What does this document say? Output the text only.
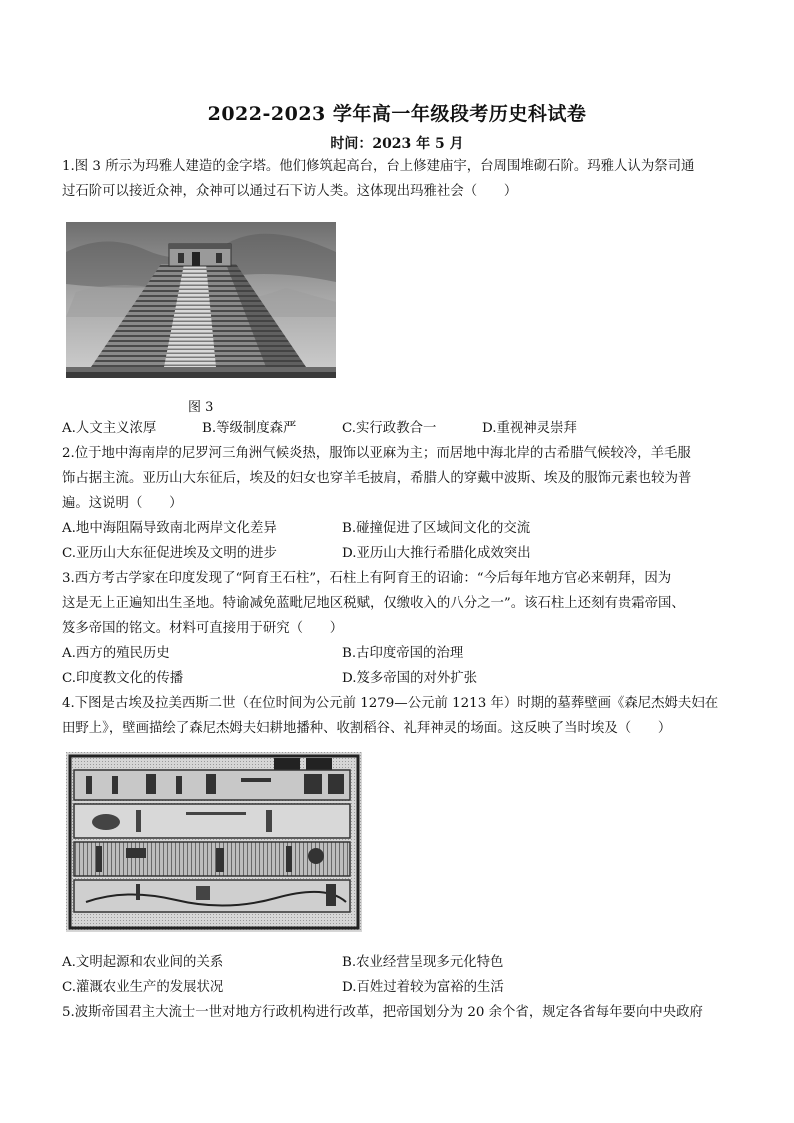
2022-2023 学年高一年级段考历史科试卷
时间：2023 年 5 月
1.图 3 所示为玛雅人建造的金字塔。他们修筑起高台，台上修建庙宇，台周围堆砌石阶。玛雅人认为祭司通
过石阶可以接近众神，众神可以通过石下访人类。这体现出玛雅社会（　　）
图 3
A.人文主义浓厚	B.等级制度森严	C.实行政教合一	D.重视神灵崇拜
2.位于地中海南岸的尼罗河三角洲气候炎热，服饰以亚麻为主；而居地中海北岸的古希腊气候较冷，羊毛服
饰占据主流。亚历山大东征后，埃及的妇女也穿羊毛披肩，希腊人的穿戴中波斯、埃及的服饰元素也较为普
遍。这说明（　　）
A.地中海阻隔导致南北两岸文化差异	B.碰撞促进了区域间文化的交流
C.亚历山大东征促进埃及文明的进步	D.亚历山大推行希腊化成效突出
3.西方考古学家在印度发现了“阿育王石柱”，石柱上有阿育王的诏谕：“今后每年地方官必来朝拜，因为
这是无上正遍知出生圣地。特谕减免蓝毗尼地区税赋，仅缴收入的八分之一”。该石柱上还刻有贵霜帝国、
笈多帝国的铭文。材料可直接用于研究（　　）
A.西方的殖民历史	B.古印度帝国的治理
C.印度教文化的传播	D.笈多帝国的对外扩张
4.下图是古埃及拉美西斯二世（在位时间为公元前 1279—公元前 1213 年）时期的墓葬壁画《森尼杰姆夫妇在
田野上》，壁画描绘了森尼杰姆夫妇耕地播种、收割稻谷、礼拜神灵的场面。这反映了当时埃及（　　）
A.文明起源和农业间的关系	B.农业经营呈现多元化特色
C.灌溉农业生产的发展状况	D.百姓过着较为富裕的生活
5.波斯帝国君主大流士一世对地方行政机构进行改革，把帝国划分为 20 余个省，规定各省每年要向中央政府
